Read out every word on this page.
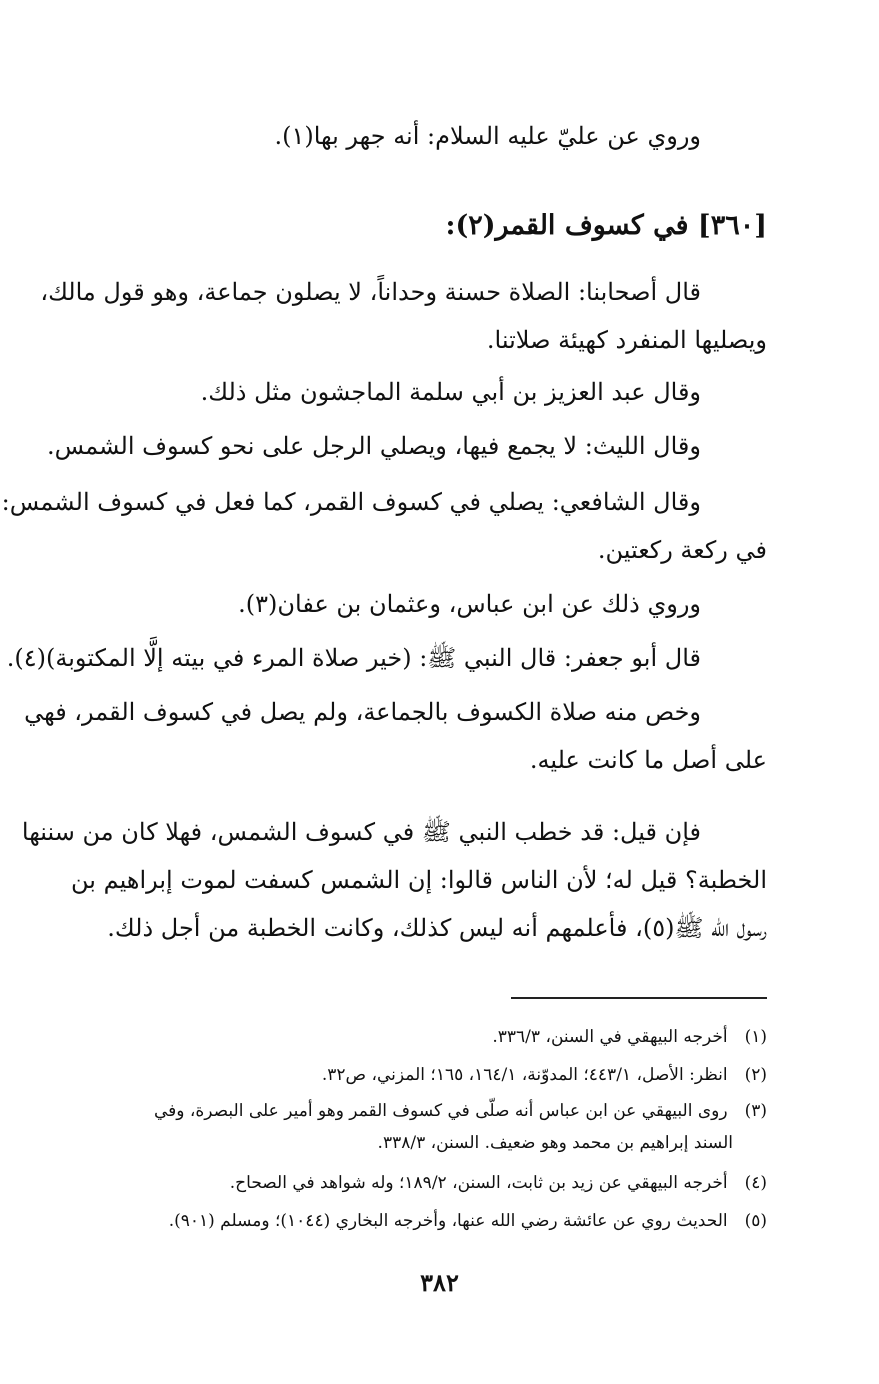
وروي عن عليّ عليه السلام: أنه جهر بها(١).
[٣٦٠] في كسوف القمر(٢):
قال أصحابنا: الصلاة حسنة وحداناً، لا يصلون جماعة، وهو قول مالك،
ويصليها المنفرد كهيئة صلاتنا.
وقال عبد العزيز بن أبي سلمة الماجشون مثل ذلك.
وقال الليث: لا يجمع فيها، ويصلي الرجل على نحو كسوف الشمس.
وقال الشافعي: يصلي في كسوف القمر، كما فعل في كسوف الشمس:
في ركعة ركعتين.
وروي ذلك عن ابن عباس، وعثمان بن عفان(٣).
قال أبو جعفر: قال النبي ﷺ: (خير صلاة المرء في بيته إلَّا المكتوبة)(٤).
وخص منه صلاة الكسوف بالجماعة، ولم يصل في كسوف القمر، فهي
على أصل ما كانت عليه.
فإن قيل: قد خطب النبي ﷺ في كسوف الشمس، فهلا كان من سننها
الخطبة؟ قيل له؛ لأن الناس قالوا: إن الشمس كسفت لموت إبراهيم بن
رسول الله ﷺ(٥)، فأعلمهم أنه ليس كذلك، وكانت الخطبة من أجل ذلك.
(١) أخرجه البيهقي في السنن، ٣٣٦/٣.
(٢) انظر: الأصل، ٤٤٣/١؛ المدوّنة، ١٦٤/١، ١٦٥؛ المزني، ص٣٢.
(٣) روى البيهقي عن ابن عباس أنه صلّى في كسوف القمر وهو أمير على البصرة، وفي
السند إبراهيم بن محمد وهو ضعيف. السنن، ٣٣٨/٣.
(٤) أخرجه البيهقي عن زيد بن ثابت، السنن، ١٨٩/٢؛ وله شواهد في الصحاح.
(٥) الحديث روي عن عائشة رضي الله عنها، وأخرجه البخاري (١٠٤٤)؛ ومسلم (٩٠١).
٣٨٢
